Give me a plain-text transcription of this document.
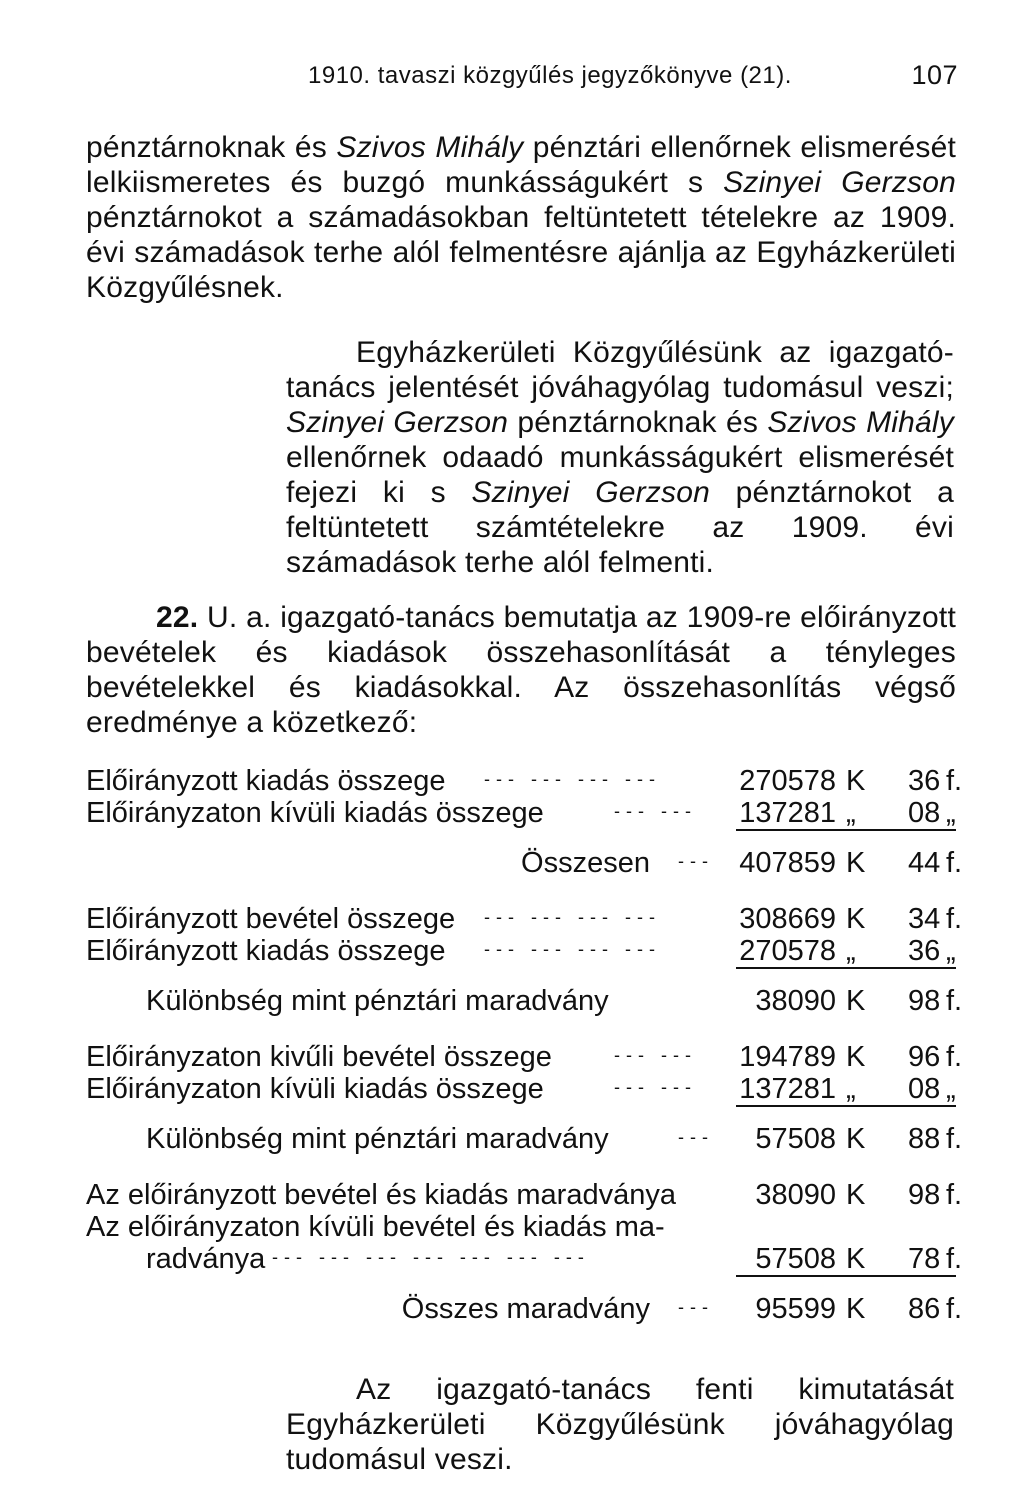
1910. tavaszi közgyűlés jegyzőkönyve (21).	107
pénztárnoknak és Szivos Mihály pénztári ellenőrnek elismerését lelkiismeretes és buzgó munkásságukért s Szinyei Gerzson pénztárnokot a számadásokban feltüntetett tételekre az 1909. évi számadások terhe alól felmentésre ajánlja az Egyházkerületi Közgyűlésnek.
Egyházkerületi Közgyűlésünk az igazgató-tanács jelentését jóváhagyólag tudomásul veszi; Szinyei Gerzson pénztárnoknak és Szivos Mihály ellenőrnek odaadó munkásságukért elismerését fejezi ki s Szinyei Gerzson pénztárnokot a feltüntetett számtételekre az 1909. évi számadások terhe alól felmenti.
22. U. a. igazgató-tanács bemutatja az 1909-re előirányzott bevételek és kiadások összehasonlítását a tényleges bevételekkel és kiadásokkal. Az összehasonlítás végső eredménye a közetkező:
Előirányzott kiadás összege --- --- --- ---	270578 K 36 f.
Előirányzaton kívüli kiadás összege	--- --- 137281 „ 08 „
Összesen --- 407859 K 44 f.
Előirányzott bevétel összege --- --- --- ---	308669 K 34 f.
Előirányzott kiadás összege --- --- --- ---	270578 „ 36 „
Különbség mint pénztári maradvány	38090 K 98 f.
Előirányzaton kivűli bevétel összege	--- --- 194789 K 96 f.
Előirányzaton kívüli kiadás összege	--- --- 137281 „ 08 „
Különbség mint pénztári maradvány	---	57508 K 88 f.
Az előirányzott bevétel és kiadás maradványa	38090 K 98 f.
Az előirányzaton kívüli bevétel és kiadás ma-
radványa --- --- --- --- --- --- ---	57508 K 78 f.
Összes maradvány ---	95599 K 86 f.
Az igazgató-tanács fenti kimutatását Egyházkerületi Közgyűlésünk jóváhagyólag tudomásul veszi.
